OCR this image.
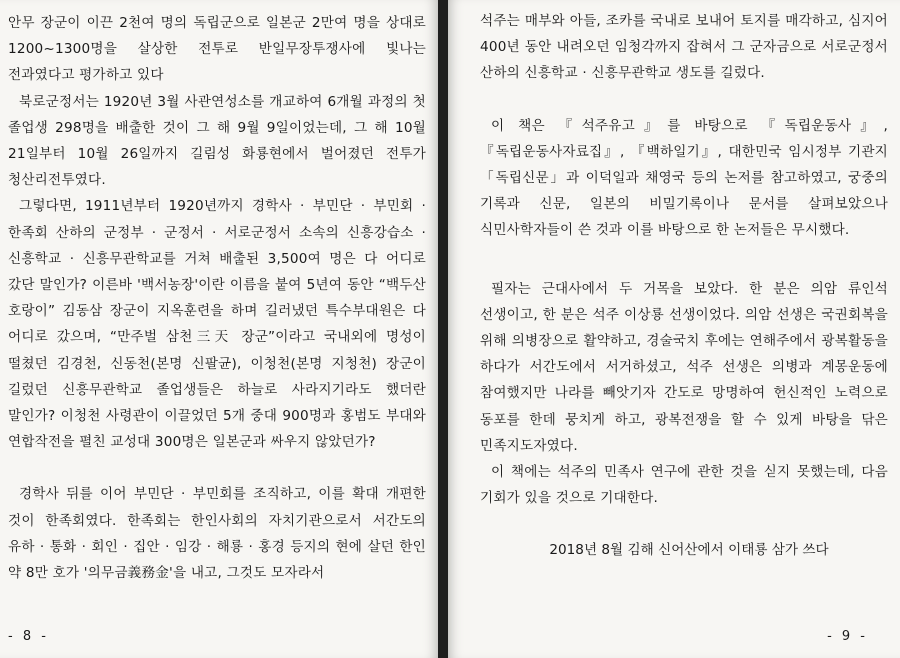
안무 장군이 이끈 2천여 명의 독립군으로 일본군 2만여 명을 상대로 1200~1300명을 살상한 전투로 반일무장투쟁사에 빛나는 전과였다고 평가하고 있다

북로군정서는 1920년 3월 사관연성소를 개교하여 6개월 과정의 첫 졸업생 298명을 배출한 것이 그 해 9월 9일이었는데, 그 해 10월 21일부터 10월 26일까지 길림성 화룡현에서 벌어졌던 전투가 청산리전투였다.

그렇다면, 1911년부터 1920년까지 경학사 · 부민단 · 부민회 · 한족회 산하의 군정부 · 군정서 · 서로군정서 소속의 신흥강습소 · 신흥학교 · 신흥무관학교를 거쳐 배출된 3,500여 명은 다 어디로 갔단 말인가? 이른바 '백서농장'이란 이름을 붙여 5년여 동안 “백두산 호랑이” 김동삼 장군이 지옥훈련을 하며 길러냈던 특수부대원은 다 어디로 갔으며, “만주벌 삼천三天 장군”이라고 국내외에 명성이 떨쳤던 김경천, 신동천(본명 신팔균), 이청천(본명 지청천) 장군이 길렀던 신흥무관학교 졸업생들은 하늘로 사라지기라도 했더란 말인가? 이청천 사령관이 이끌었던 5개 중대 900명과 홍범도 부대와 연합작전을 펼친 교성대 300명은 일본군과 싸우지 않았던가?

경학사 뒤를 이어 부민단 · 부민회를 조직하고, 이를 확대 개편한 것이 한족회였다. 한족회는 한인사회의 자치기관으로서 서간도의 유하 · 통화 · 회인 · 집안 · 임강 · 해룡 · 홍경 등지의 현에 살던 한인 약 8만 호가 '의무금義務金'을 내고, 그것도 모자라서

- 8 -

석주는 매부와 아들, 조카를 국내로 보내어 토지를 매각하고, 심지어 400년 동안 내려오던 임청각까지 잡혀서 그 군자금으로 서로군정서 산하의 신흥학교 · 신흥무관학교 생도를 길렀다.

이 책은 『석주유고』를 바탕으로 『독립운동사』, 『독립운동사자료집』, 『백하일기』, 대한민국 임시정부 기관지 「독립신문」과 이덕일과 채영국 등의 논저를 참고하였고, 궁중의 기록과 신문, 일본의 비밀기록이나 문서를 살펴보았으나 식민사학자들이 쓴 것과 이를 바탕으로 한 논저들은 무시했다.

필자는 근대사에서 두 거목을 보았다. 한 분은 의암 류인석 선생이고, 한 분은 석주 이상룡 선생이었다. 의암 선생은 국권회복을 위해 의병장으로 활약하고, 경술국치 후에는 연해주에서 광복활동을 하다가 서간도에서 서거하셨고, 석주 선생은 의병과 계몽운동에 참여했지만 나라를 빼앗기자 간도로 망명하여 헌신적인 노력으로 동포를 한데 뭉치게 하고, 광복전쟁을 할 수 있게 바탕을 닦은 민족지도자였다.

이 책에는 석주의 민족사 연구에 관한 것을 싣지 못했는데, 다음 기회가 있을 것으로 기대한다.

2018년 8월 김해 신어산에서 이태룡 삼가 쓰다

- 9 -
